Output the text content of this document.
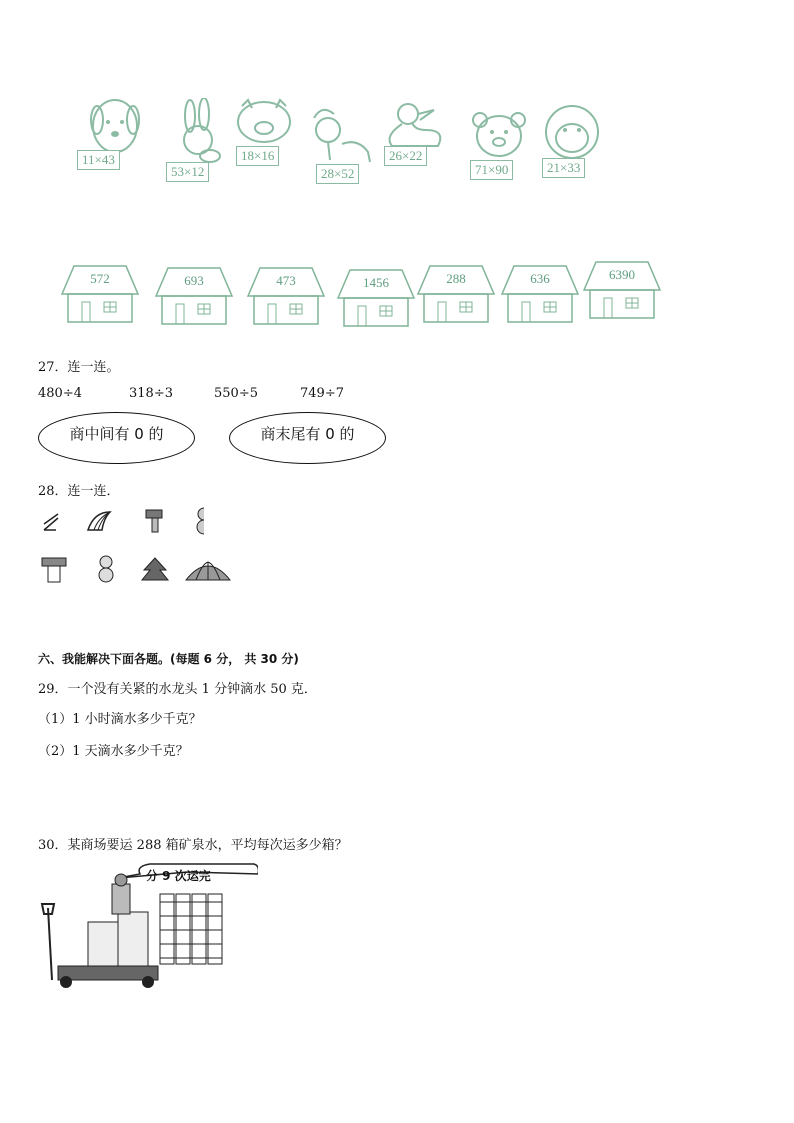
11×43
53×12
18×16
28×52
26×22
71×90	21×33
572	693	473	1456	288	636	6390
27．连一连。
480÷4	318÷3	550÷5	749÷7
商中间有 0 的	商末尾有 0 的
28．连一连．
六、我能解决下面各题。(每题 6 分， 共 30 分)
29．一个没有关紧的水龙头 1 分钟滴水 50 克．
（1）1 小时滴水多少千克？
（2）1 天滴水多少千克？
30．某商场要运 288 箱矿泉水，平均每次运多少箱？
分 9 次运完
